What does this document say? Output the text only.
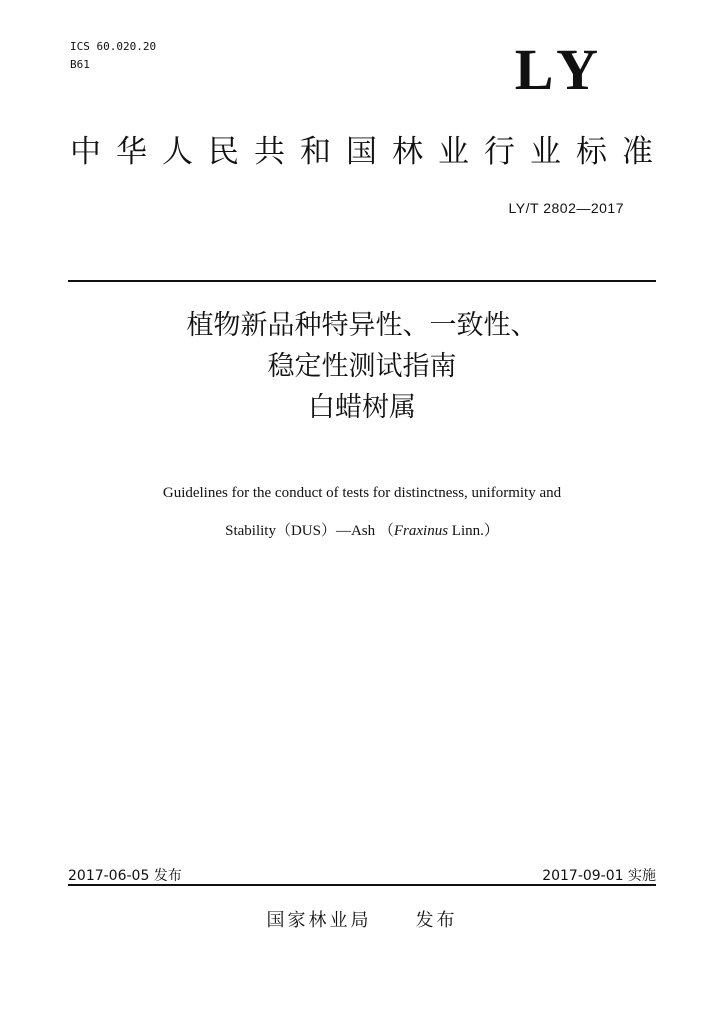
ICS 60.020.20
B61	LY
中华人民共和国林业行业标准
LY/T 2802—2017
植物新品种特异性、一致性、
稳定性测试指南
白蜡树属
Guidelines for the conduct of tests for distinctness, uniformity and
Stability（DUS）—Ash （Fraxinus Linn.）
2017-06-05 发布	2017-09-01 实施
国家林业局 发布
